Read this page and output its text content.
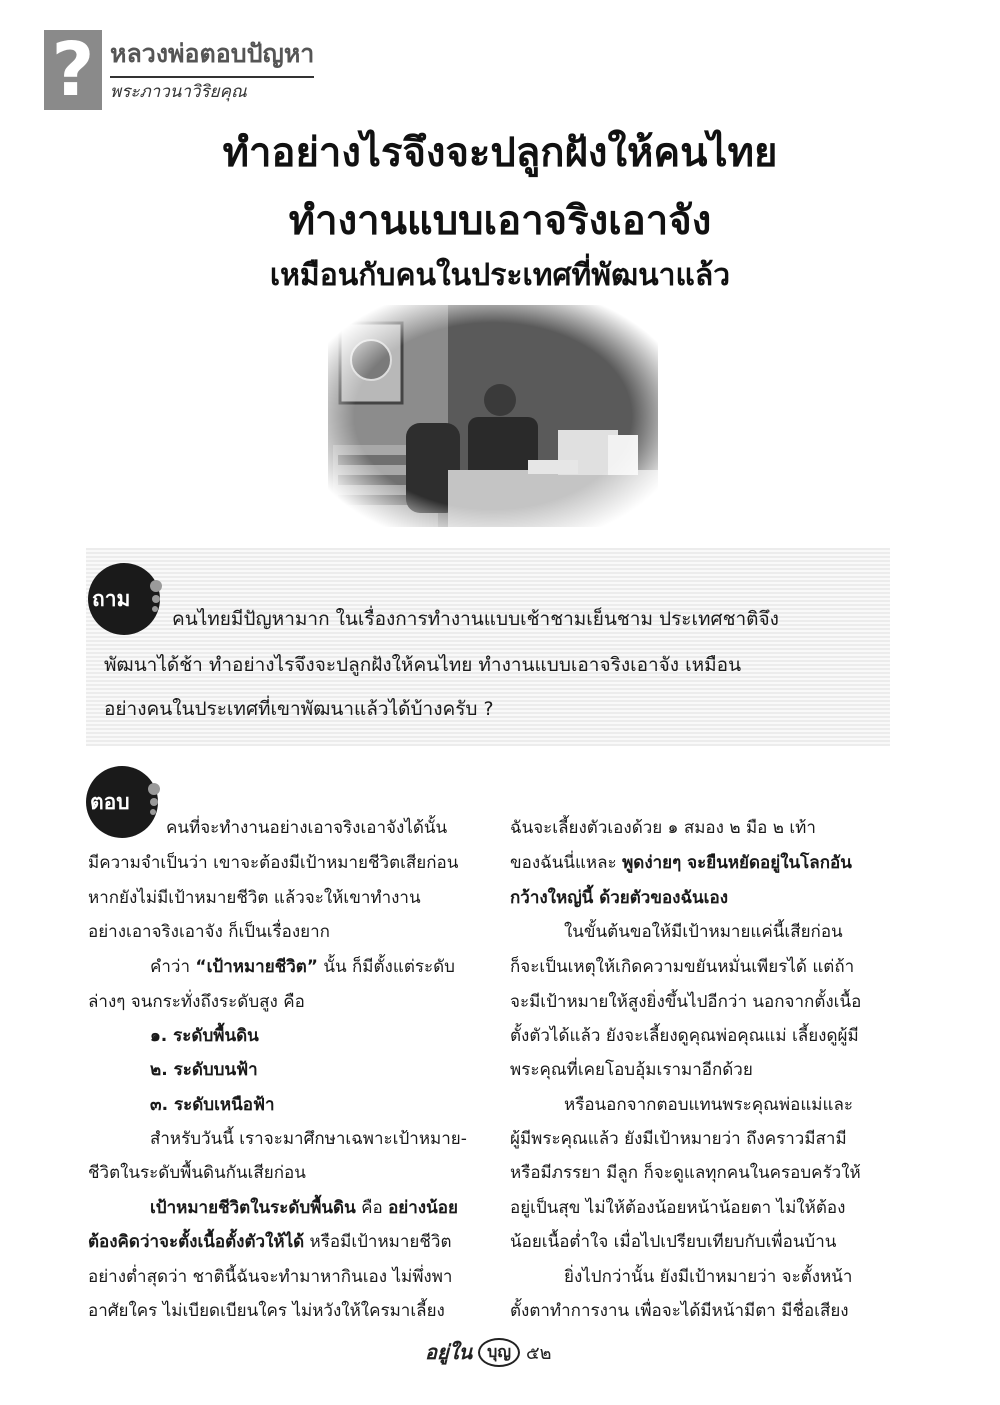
? หลวงพ่อตอบปัญหา
พระภาวนาวิริยคุณ
ทำอย่างไรจึงจะปลูกฝังให้คนไทย
ทำงานแบบเอาจริงเอาจัง
เหมือนกับคนในประเทศที่พัฒนาแล้ว
ถาม
คนไทยมีปัญหามาก ในเรื่องการทำงานแบบเช้าชามเย็นชาม ประเทศชาติจึง
พัฒนาได้ช้า ทำอย่างไรจึงจะปลูกฝังให้คนไทย ทำงานแบบเอาจริงเอาจัง เหมือน
อย่างคนในประเทศที่เขาพัฒนาแล้วได้บ้างครับ ?
ตอบ
คนที่จะทำงานอย่างเอาจริงเอาจังได้นั้น
มีความจำเป็นว่า เขาจะต้องมีเป้าหมายชีวิตเสียก่อน
หากยังไม่มีเป้าหมายชีวิต แล้วจะให้เขาทำงาน
อย่างเอาจริงเอาจัง ก็เป็นเรื่องยาก
คำว่า “เป้าหมายชีวิต” นั้น ก็มีตั้งแต่ระดับ
ล่างๆ จนกระทั่งถึงระดับสูง คือ
๑. ระดับพื้นดิน
๒. ระดับบนฟ้า
๓. ระดับเหนือฟ้า
สำหรับวันนี้ เราจะมาศึกษาเฉพาะเป้าหมาย-
ชีวิตในระดับพื้นดินกันเสียก่อน
เป้าหมายชีวิตในระดับพื้นดิน คือ อย่างน้อย
ต้องคิดว่าจะตั้งเนื้อตั้งตัวให้ได้ หรือมีเป้าหมายชีวิต
อย่างต่ำสุดว่า ชาตินี้ฉันจะทำมาหากินเอง ไม่พึ่งพา
อาศัยใคร ไม่เบียดเบียนใคร ไม่หวังให้ใครมาเลี้ยง
ฉันจะเลี้ยงตัวเองด้วย ๑ สมอง ๒ มือ ๒ เท้า
ของฉันนี่แหละ พูดง่ายๆ จะยืนหยัดอยู่ในโลกอัน
กว้างใหญ่นี้ ด้วยตัวของฉันเอง
ในขั้นต้นขอให้มีเป้าหมายแค่นี้เสียก่อน
ก็จะเป็นเหตุให้เกิดความขยันหมั่นเพียรได้ แต่ถ้า
จะมีเป้าหมายให้สูงยิ่งขึ้นไปอีกว่า นอกจากตั้งเนื้อ
ตั้งตัวได้แล้ว ยังจะเลี้ยงดูคุณพ่อคุณแม่ เลี้ยงดูผู้มี
พระคุณที่เคยโอบอุ้มเรามาอีกด้วย
หรือนอกจากตอบแทนพระคุณพ่อแม่และ
ผู้มีพระคุณแล้ว ยังมีเป้าหมายว่า ถึงคราวมีสามี
หรือมีภรรยา มีลูก ก็จะดูแลทุกคนในครอบครัวให้
อยู่เป็นสุข ไม่ให้ต้องน้อยหน้าน้อยตา ไม่ให้ต้อง
น้อยเนื้อต่ำใจ เมื่อไปเปรียบเทียบกับเพื่อนบ้าน
ยิ่งไปกว่านั้น ยังมีเป้าหมายว่า จะตั้งหน้า
ตั้งตาทำการงาน เพื่อจะได้มีหน้ามีตา มีชื่อเสียง
อยู่ใน บุญ ๕๒
